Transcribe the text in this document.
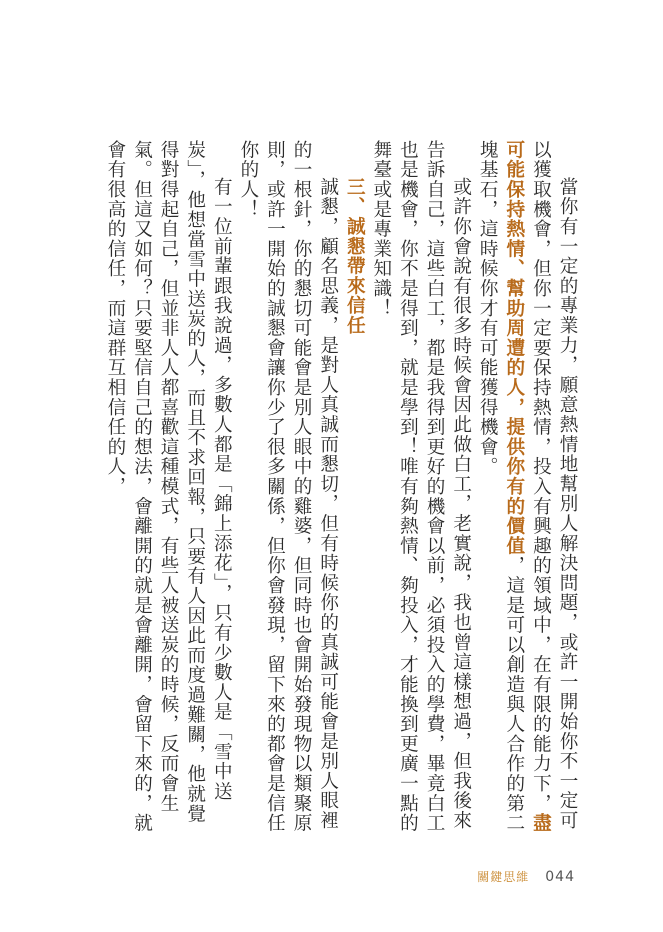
當你有一定的專業力，願意熱情地幫別人解決問題，或許一開始你不一定可以獲取機會，但你一定要保持熱情，投入有興趣的領域中，在有限的能力下，盡可能保持熱情、幫助周遭的人，提供你有的價值，這是可以創造與人合作的第二塊基石，這時候你才有可能獲得機會。

或許你會說有很多時候會因此做白工，老實說，我也曾這樣想過，但我後來告訴自己，這些白工，都是我得到更好的機會以前，必須投入的學費，畢竟白工也是機會，你不是得到，就是學到！唯有夠熱情、夠投入，才能換到更廣一點的舞臺或是專業知識！

三、誠懇帶來信任

誠懇，顧名思義，是對人真誠而懇切，但有時候你的真誠可能會是別人眼裡的一根針，你的懇切可能會是別人眼中的雞婆，但同時也會開始發現物以類聚原則，或許一開始的誠懇會讓你少了很多關係，但你會發現，留下來的都會是信任你的人！

有一位前輩跟我說過，多數人都是「錦上添花」，只有少數人是「雪中送炭」，他想當雪中送炭的人，而且不求回報，只要有人因此而度過難關，他就覺得對得起自己，但並非人人都喜歡這種模式，有些人被送炭的時候，反而會生氣。但這又如何？只要堅信自己的想法，會離開的就是會離開，會留下來的，就會有很高的信任，而這群互相信任的人，

關鍵思維 044
